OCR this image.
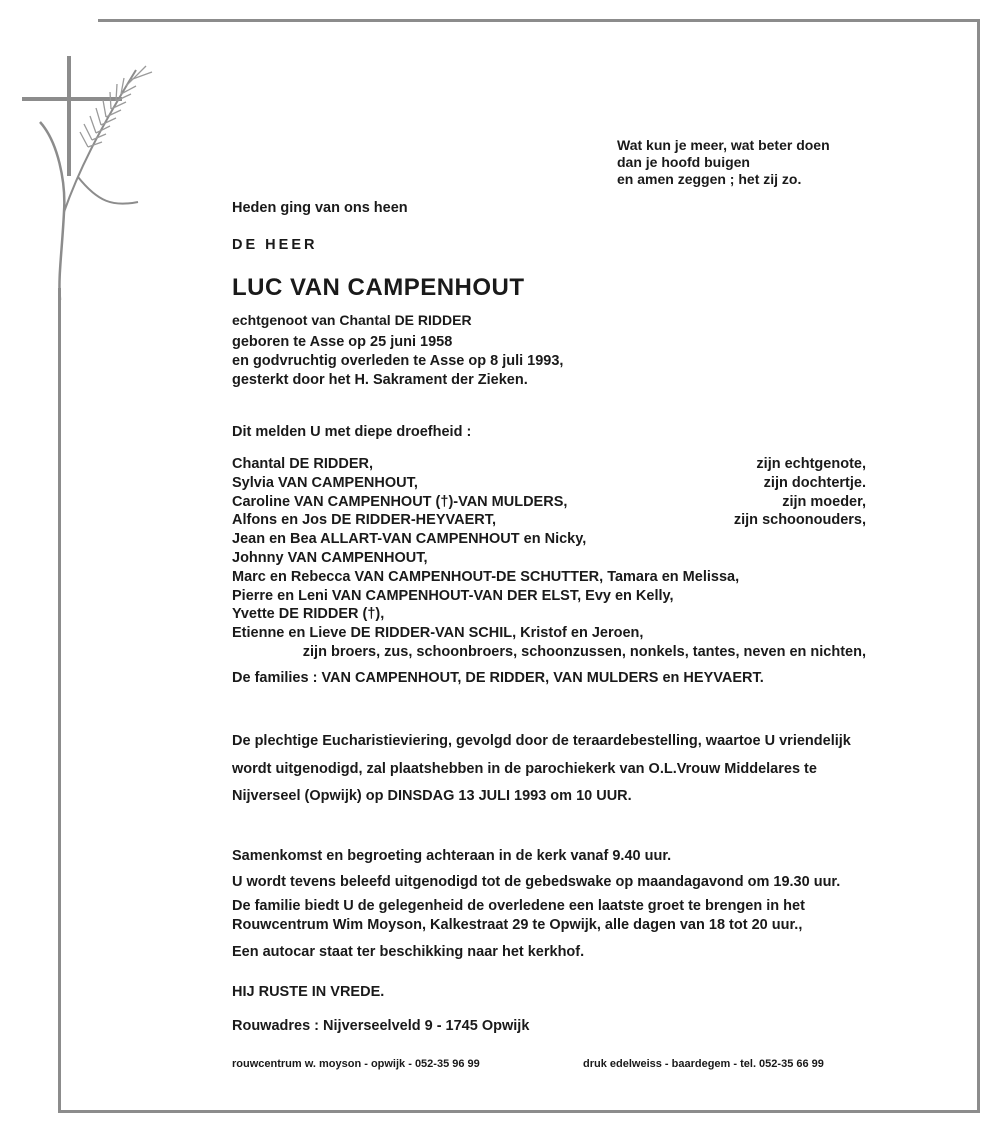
Wat kun je meer, wat beter doen
dan je hoofd buigen
en amen zeggen ; het zij zo.
Heden ging van ons heen
DE HEER
LUC VAN CAMPENHOUT
echtgenoot van Chantal DE RIDDER
geboren te Asse op 25 juni 1958
en godvruchtig overleden te Asse op 8 juli 1993,
gesterkt door het H. Sakrament der Zieken.
Dit melden U met diepe droefheid :
Chantal DE RIDDER,	zijn echtgenote,
Sylvia VAN CAMPENHOUT,	zijn dochtertje.
Caroline VAN CAMPENHOUT (†)-VAN MULDERS,	zijn moeder,
Alfons en Jos DE RIDDER-HEYVAERT,	zijn schoonouders,
Jean en Bea ALLART-VAN CAMPENHOUT en Nicky,
Johnny VAN CAMPENHOUT,
Marc en Rebecca VAN CAMPENHOUT-DE SCHUTTER, Tamara en Melissa,
Pierre en Leni VAN CAMPENHOUT-VAN DER ELST, Evy en Kelly,
Yvette DE RIDDER (†),
Etienne en Lieve DE RIDDER-VAN SCHIL, Kristof en Jeroen,
zijn broers, zus, schoonbroers, schoonzussen, nonkels, tantes, neven en nichten,
De families : VAN CAMPENHOUT, DE RIDDER, VAN MULDERS en HEYVAERT.
De plechtige Eucharistieviering, gevolgd door de teraardebestelling, waartoe U vriendelijk
wordt uitgenodigd, zal plaatshebben in de parochiekerk van O.L.Vrouw Middelares te
Nijverseel (Opwijk) op DINSDAG 13 JULI 1993 om 10 UUR.
Samenkomst en begroeting achteraan in de kerk vanaf 9.40 uur.
U wordt tevens beleefd uitgenodigd tot de gebedswake op maandagavond om 19.30 uur.
De familie biedt U de gelegenheid de overledene een laatste groet te brengen in het
Rouwcentrum Wim Moyson, Kalkestraat 29 te Opwijk, alle dagen van 18 tot 20 uur.,
Een autocar staat ter beschikking naar het kerkhof.
HIJ RUSTE IN VREDE.
Rouwadres : Nijverseelveld 9 - 1745 Opwijk
rouwcentrum w. moyson - opwijk - 052-35 96 99	druk edelweiss - baardegem - tel. 052-35 66 99
